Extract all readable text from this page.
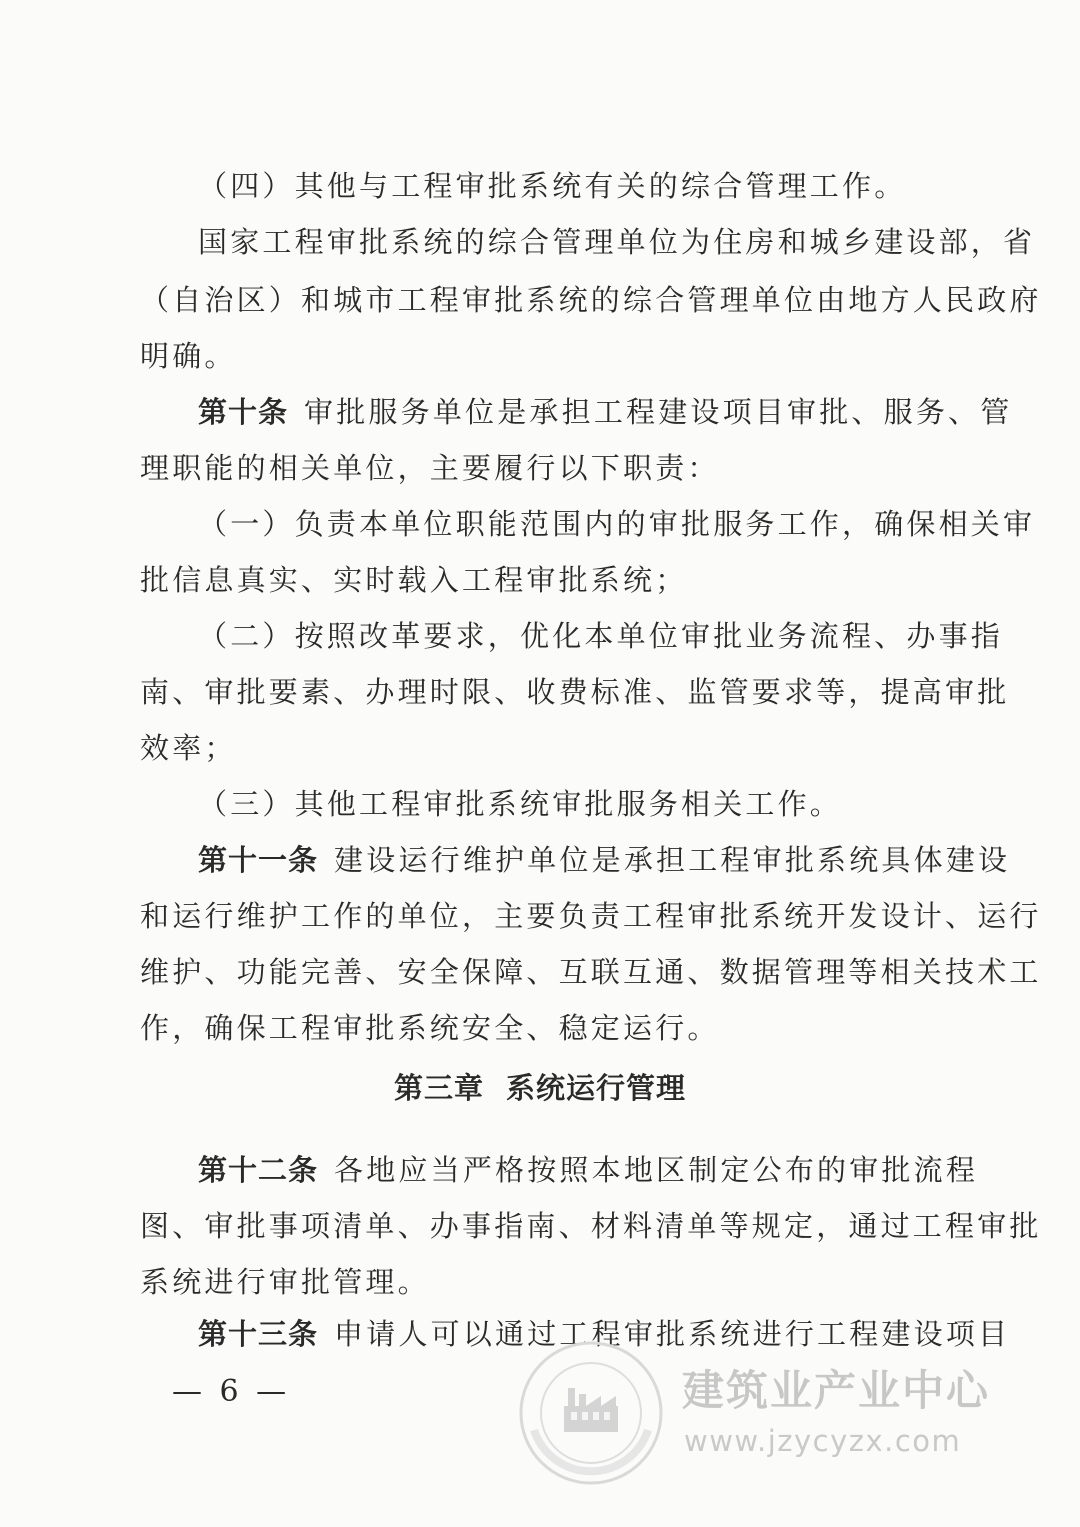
（四）其他与工程审批系统有关的综合管理工作。
国家工程审批系统的综合管理单位为住房和城乡建设部，省
（自治区）和城市工程审批系统的综合管理单位由地方人民政府
明确。
第十条 审批服务单位是承担工程建设项目审批、服务、管
理职能的相关单位，主要履行以下职责：
（一）负责本单位职能范围内的审批服务工作，确保相关审
批信息真实、实时载入工程审批系统；
（二）按照改革要求，优化本单位审批业务流程、办事指
南、审批要素、办理时限、收费标准、监管要求等，提高审批
效率；
（三）其他工程审批系统审批服务相关工作。
第十一条 建设运行维护单位是承担工程审批系统具体建设
和运行维护工作的单位，主要负责工程审批系统开发设计、运行
维护、功能完善、安全保障、互联互通、数据管理等相关技术工
作，确保工程审批系统安全、稳定运行。
第三章 系统运行管理
第十二条 各地应当严格按照本地区制定公布的审批流程
图、审批事项清单、办事指南、材料清单等规定，通过工程审批
系统进行审批管理。
第十三条 申请人可以通过工程审批系统进行工程建设项目
— 6 —	建筑业产业中心
www.jzycyzx.com
